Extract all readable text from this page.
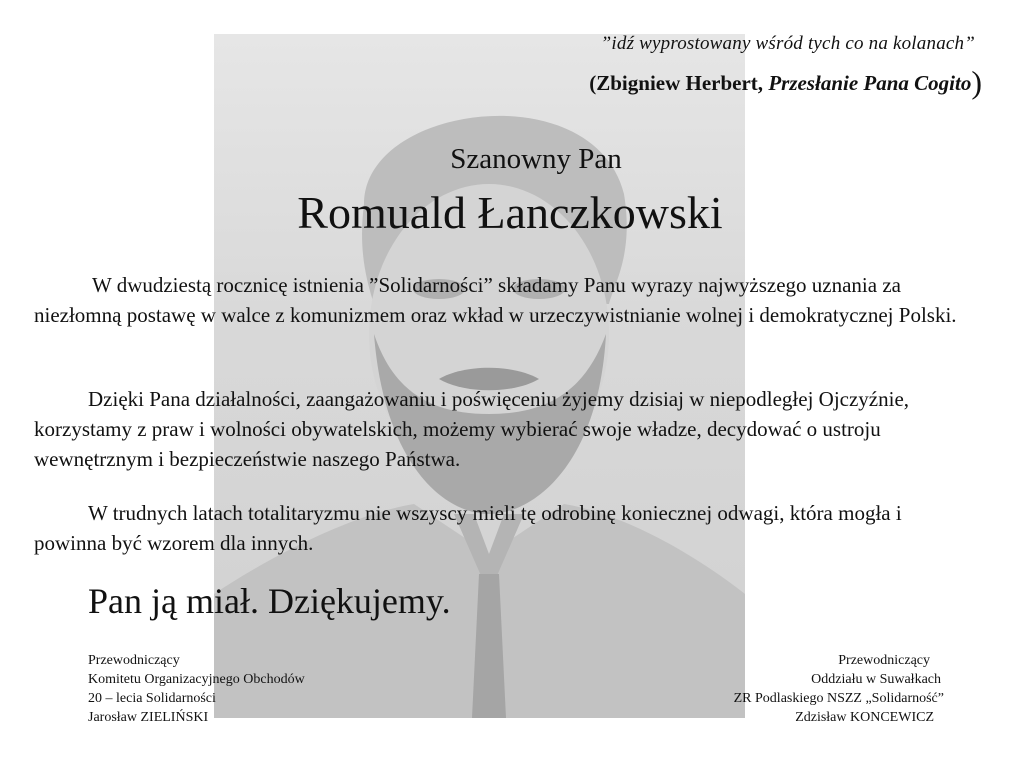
”idź wyprostowany wśród tych co na kolanach”
(Zbigniew Herbert, Przesłanie Pana Cogito)
Szanowny Pan
Romuald Łanczkowski
W dwudziestą rocznicę istnienia ”Solidarności” składamy Panu wyrazy najwyższego uznania za niezłomną postawę w walce z komunizmem oraz wkład w urzeczywistnianie wolnej i demokratycznej Polski.
Dzięki Pana działalności, zaangażowaniu i poświęceniu żyjemy dzisiaj w niepodległej Ojczyźnie, korzystamy z praw i wolności obywatelskich, możemy wybierać swoje władze, decydować o ustroju wewnętrznym i bezpieczeństwie naszego Państwa.
W trudnych latach totalitaryzmu nie wszyscy mieli tę odrobinę koniecznej odwagi, która mogła i powinna być wzorem dla innych.
Pan ją miał. Dziękujemy.
Przewodniczący
Komitetu Organizacyjnego Obchodów
20 – lecia Solidarności
Jarosław ZIELIŃSKI
Przewodniczący
Oddziału w Suwałkach
ZR Podlaskiego NSZZ „Solidarność”
Zdzisław KONCEWICZ
